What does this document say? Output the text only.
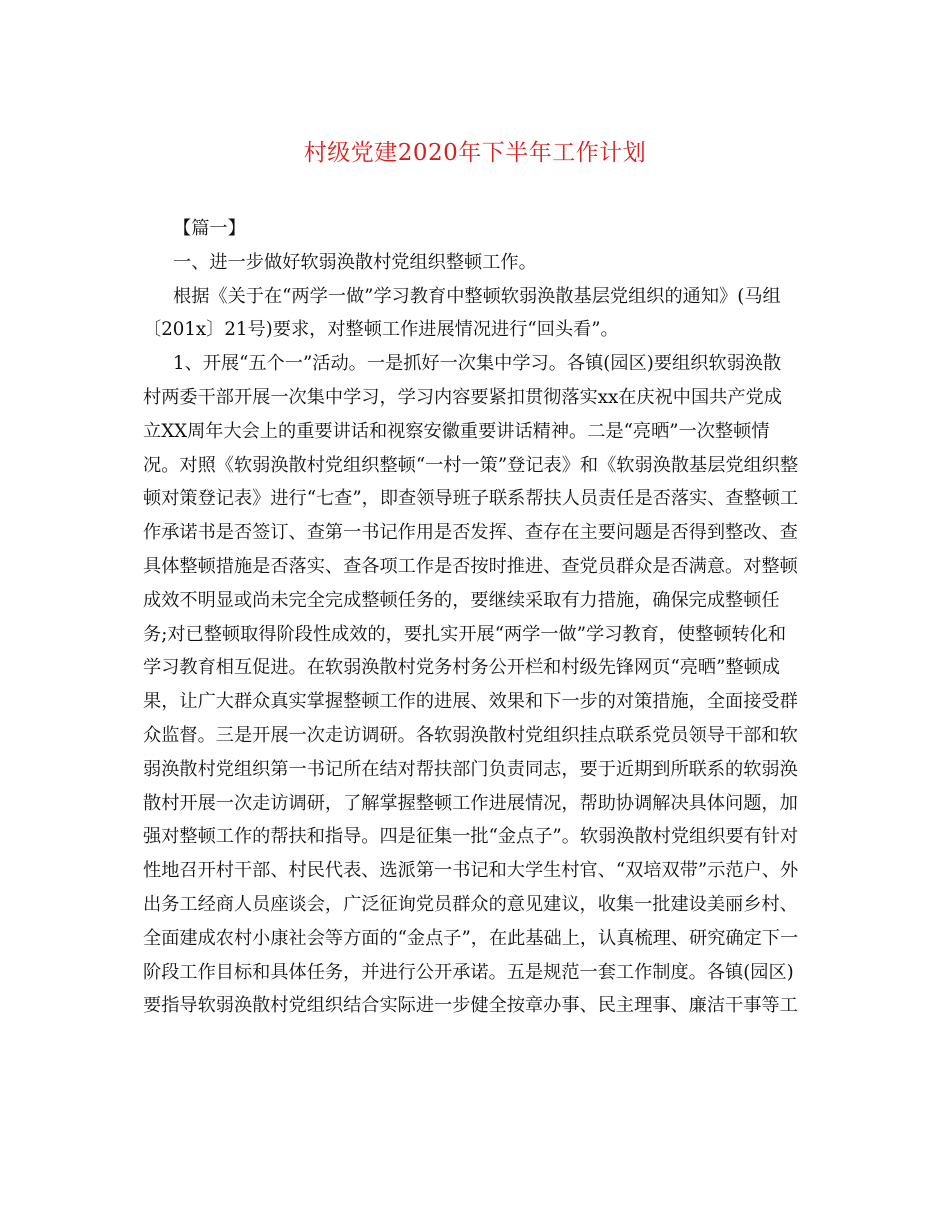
村级党建2020年下半年工作计划
【篇一】
一、进一步做好软弱涣散村党组织整顿工作。
根据《关于在“两学一做”学习教育中整顿软弱涣散基层党组织的通知》(马组
〔201x〕21号)要求，对整顿工作进展情况进行“回头看”。
1、开展“五个一”活动。一是抓好一次集中学习。各镇(园区)要组织软弱涣散
村两委干部开展一次集中学习，学习内容要紧扣贯彻落实xx在庆祝中国共产党成
立XX周年大会上的重要讲话和视察安徽重要讲话精神。二是“亮晒”一次整顿情
况。对照《软弱涣散村党组织整顿“一村一策”登记表》和《软弱涣散基层党组织整
顿对策登记表》进行“七查”，即查领导班子联系帮扶人员责任是否落实、查整顿工
作承诺书是否签订、查第一书记作用是否发挥、查存在主要问题是否得到整改、查
具体整顿措施是否落实、查各项工作是否按时推进、查党员群众是否满意。对整顿
成效不明显或尚未完全完成整顿任务的，要继续采取有力措施，确保完成整顿任
务;对已整顿取得阶段性成效的，要扎实开展“两学一做”学习教育，使整顿转化和
学习教育相互促进。在软弱涣散村党务村务公开栏和村级先锋网页“亮晒”整顿成
果，让广大群众真实掌握整顿工作的进展、效果和下一步的对策措施，全面接受群
众监督。三是开展一次走访调研。各软弱涣散村党组织挂点联系党员领导干部和软
弱涣散村党组织第一书记所在结对帮扶部门负责同志，要于近期到所联系的软弱涣
散村开展一次走访调研，了解掌握整顿工作进展情况，帮助协调解决具体问题，加
强对整顿工作的帮扶和指导。四是征集一批“金点子”。软弱涣散村党组织要有针对
性地召开村干部、村民代表、选派第一书记和大学生村官、“双培双带”示范户、外
出务工经商人员座谈会，广泛征询党员群众的意见建议，收集一批建设美丽乡村、
全面建成农村小康社会等方面的“金点子”，在此基础上，认真梳理、研究确定下一
阶段工作目标和具体任务，并进行公开承诺。五是规范一套工作制度。各镇(园区)
要指导软弱涣散村党组织结合实际进一步健全按章办事、民主理事、廉洁干事等工
